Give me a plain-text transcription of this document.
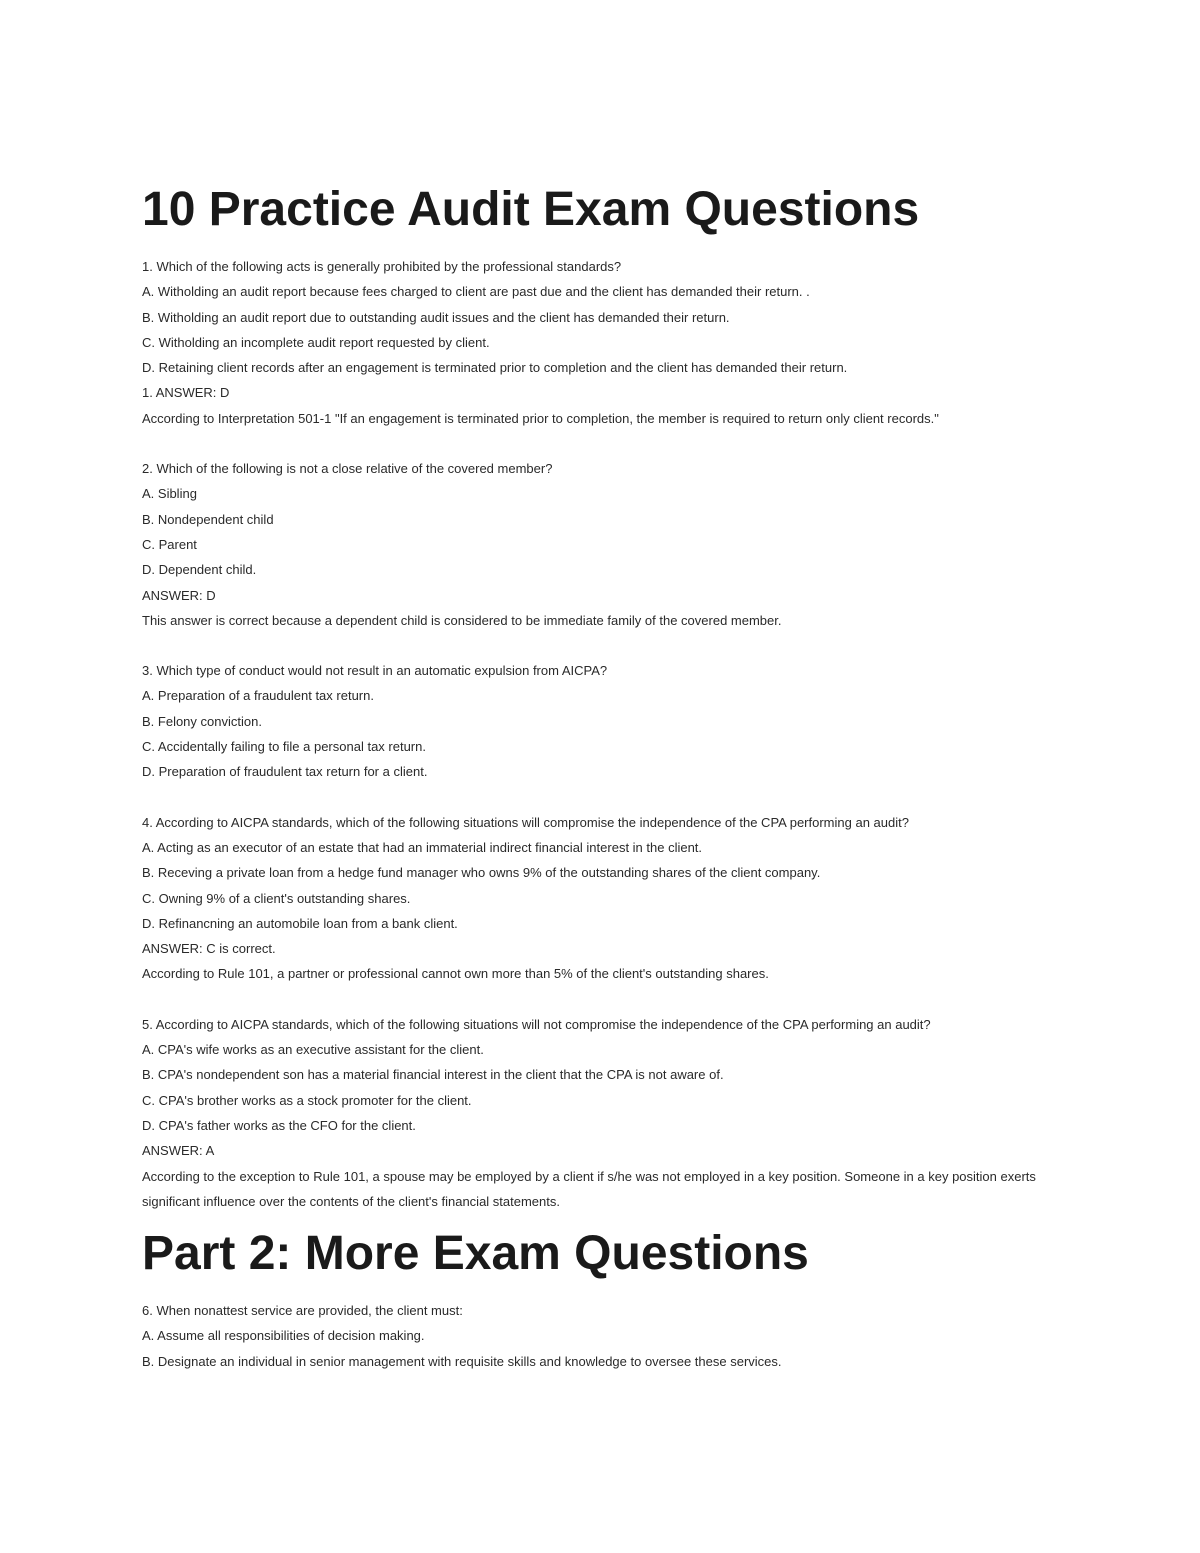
10 Practice Audit Exam Questions

1. Which of the following acts is generally prohibited by the professional standards?

A. Witholding an audit report because fees charged to client are past due and the client has demanded their return. .

B. Witholding an audit report due to outstanding audit issues and the client has demanded their return.

C. Witholding an incomplete audit report requested by client.

D. Retaining client records after an engagement is terminated prior to completion and the client has demanded their return.

1. ANSWER: D

According to Interpretation 501-1 "If an engagement is terminated prior to completion, the member is required to return only client records."

2. Which of the following is not a close relative of the covered member?

A. Sibling

B. Nondependent child

C. Parent

D. Dependent child.

ANSWER: D

This answer is correct because a dependent child is considered to be immediate family of the covered member.

3. Which type of conduct would not result in an automatic expulsion from AICPA?

A. Preparation of a fraudulent tax return.

B. Felony conviction.

C. Accidentally failing to file a personal tax return.

D. Preparation of fraudulent tax return for a client.

4. According to AICPA standards, which of the following situations will compromise the independence of the CPA performing an audit?

A. Acting as an executor of an estate that had an immaterial indirect financial interest in the client.

B. Receving a private loan from a hedge fund manager who owns 9% of the outstanding shares of the client company.

C. Owning 9% of a client's outstanding shares.

D. Refinancning an automobile loan from a bank client.

ANSWER: C is correct.

According to Rule 101, a partner or professional cannot own more than 5% of the client's outstanding shares.

5. According to AICPA standards, which of the following situations will not compromise the independence of the CPA performing an audit?

A. CPA's wife works as an executive assistant for the client.

B. CPA's nondependent son has a material financial interest in the client that the CPA is not aware of.

C. CPA's brother works as a stock promoter for the client.

D. CPA's father works as the CFO for the client.

ANSWER: A

According to the exception to Rule 101, a spouse may be employed by a client if s/he was not employed in a key position. Someone in a key position exerts significant influence over the contents of the client's financial statements.

Part 2: More Exam Questions

6. When nonattest service are provided, the client must:

A. Assume all responsibilities of decision making.

B. Designate an individual in senior management with requisite skills and knowledge to oversee these services.
